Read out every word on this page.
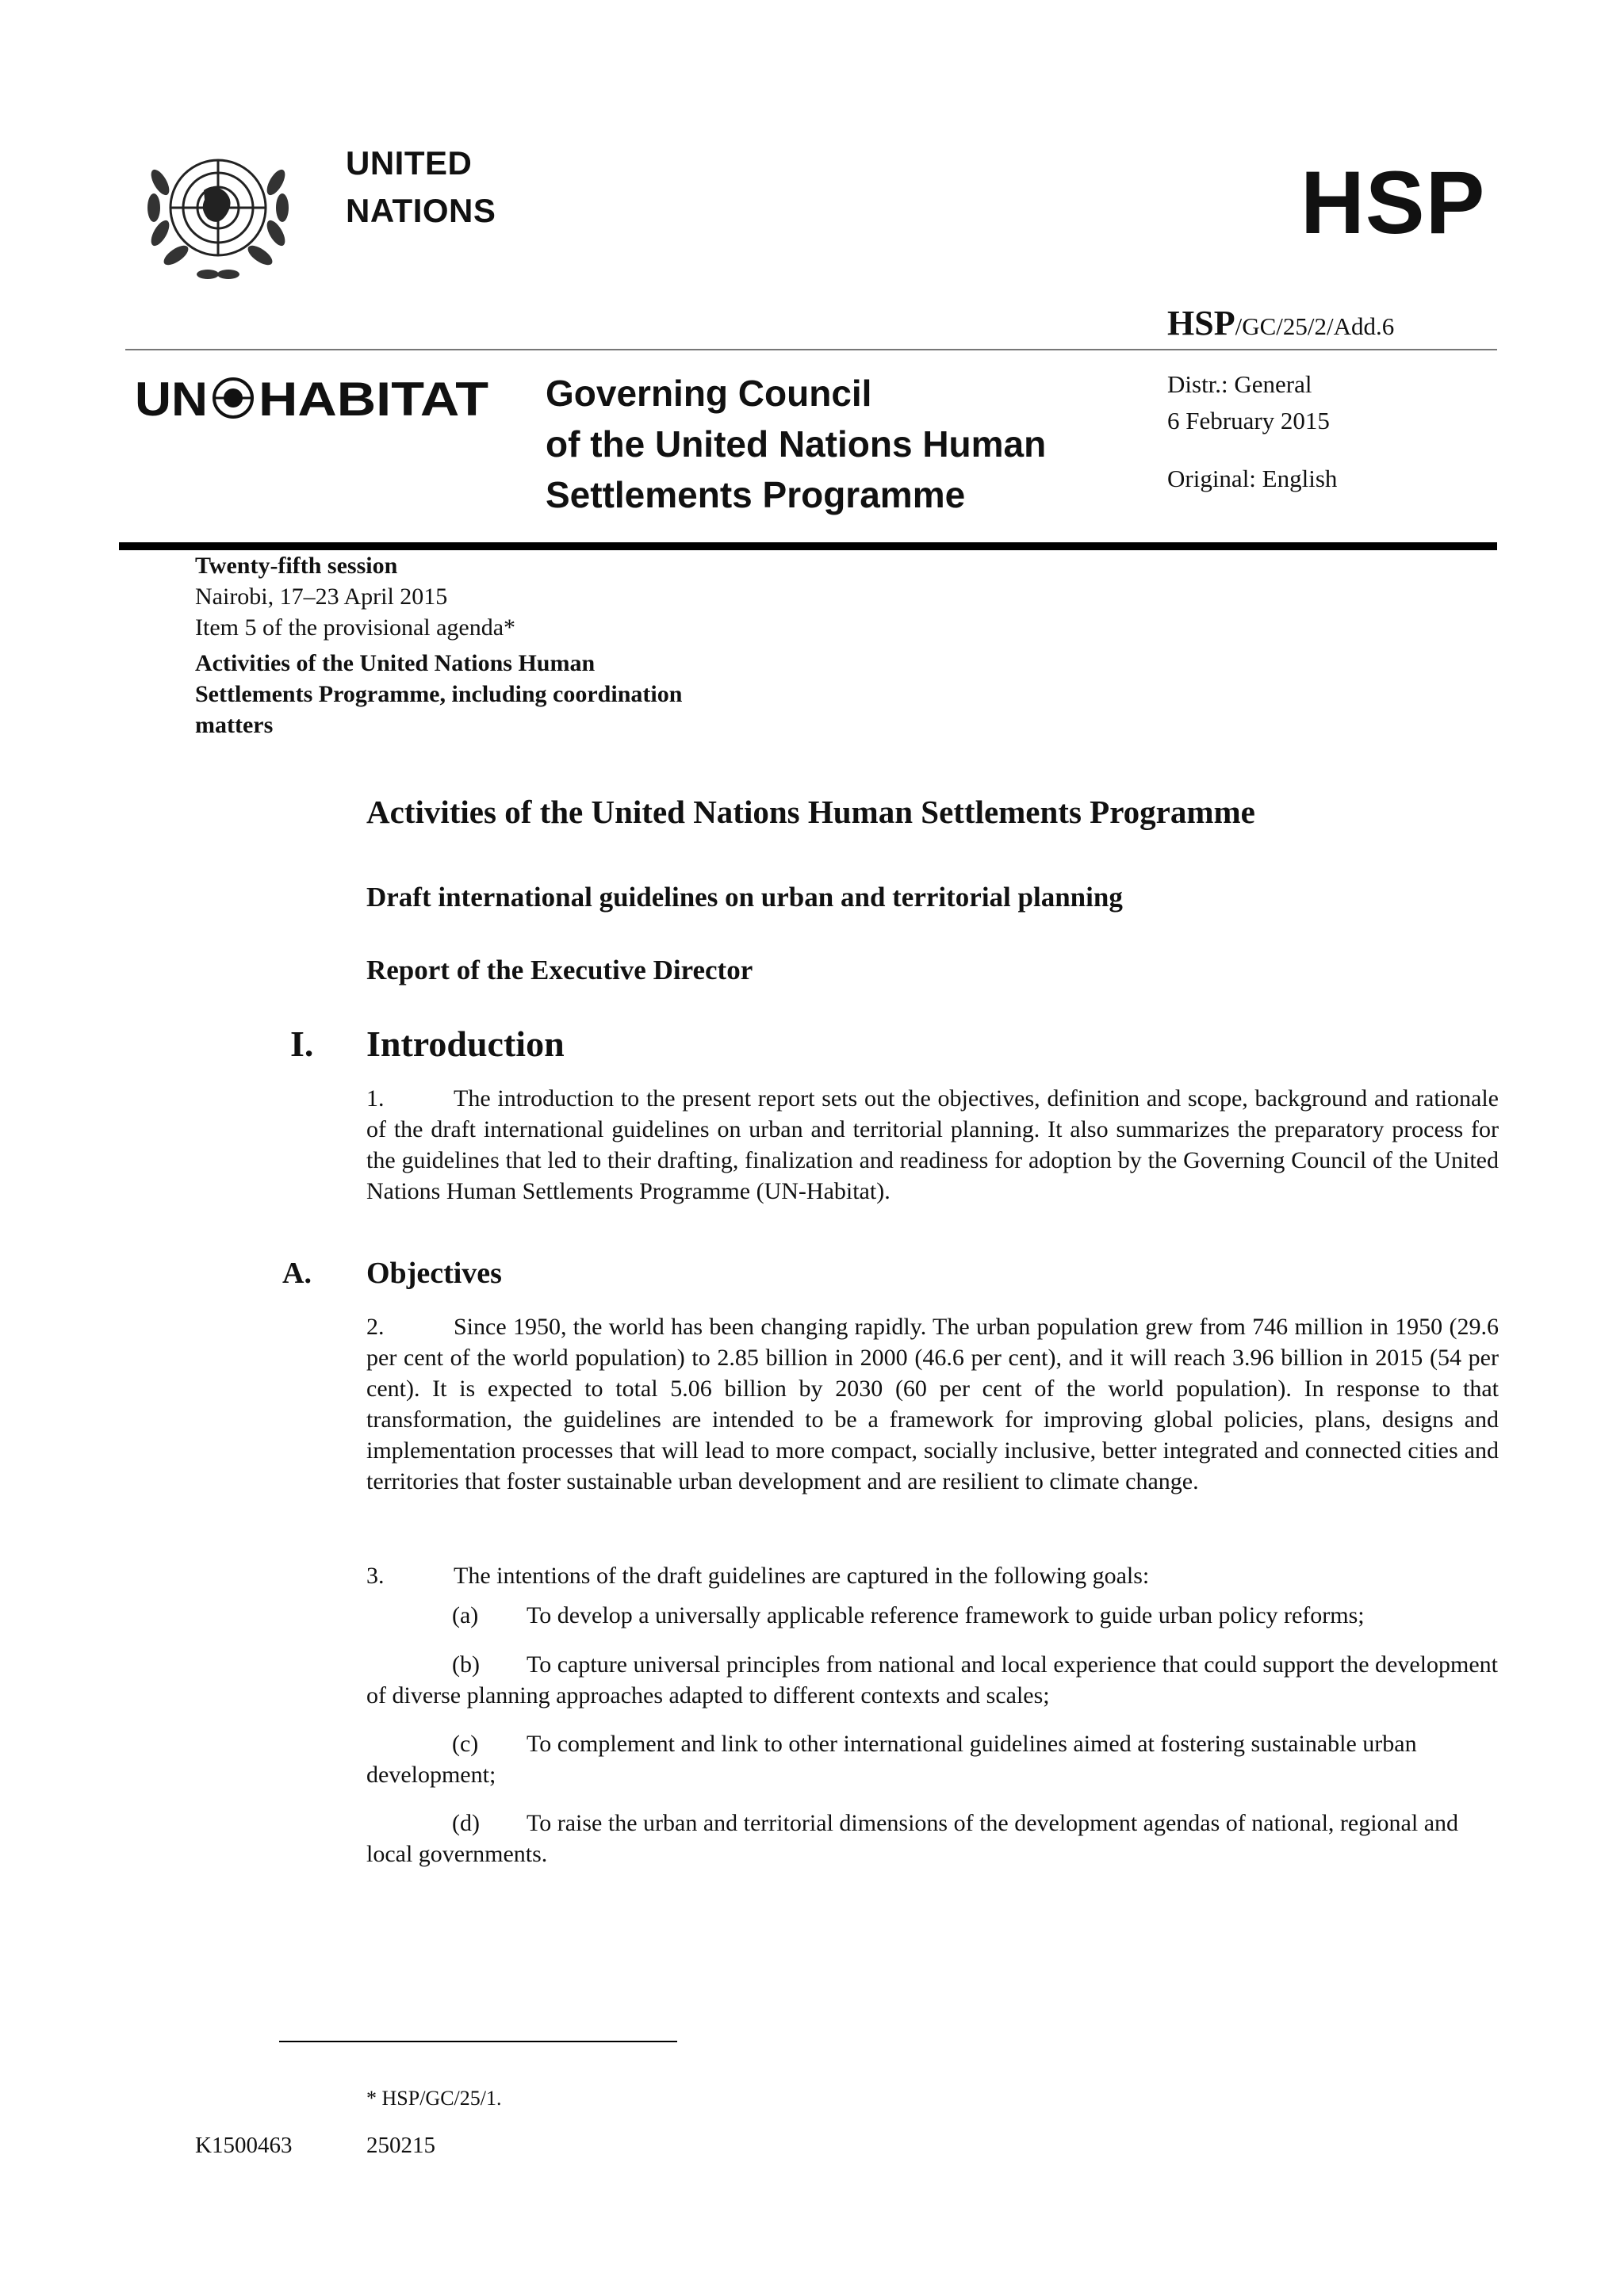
UNITED
NATIONS	HSP
HSP/GC/25/2/Add.6
UN HABITAT Governing Council
of the United Nations Human
Settlements Programme
Distr.: General
6 February 2015
Original: English
Twenty-fifth session
Nairobi, 17–23 April 2015
Item 5 of the provisional agenda*
Activities of the United Nations Human
Settlements Programme, including coordination
matters
Activities of the United Nations Human Settlements Programme
Draft international guidelines on urban and territorial planning
Report of the Executive Director
I. Introduction
1.	The introduction to the present report sets out the objectives, definition and scope, background and rationale of the draft international guidelines on urban and territorial planning. It also summarizes the preparatory process for the guidelines that led to their drafting, finalization and readiness for adoption by the Governing Council of the United Nations Human Settlements Programme (UN-Habitat).
A. Objectives
2.	Since 1950, the world has been changing rapidly. The urban population grew from 746 million in 1950 (29.6 per cent of the world population) to 2.85 billion in 2000 (46.6 per cent), and it will reach 3.96 billion in 2015 (54 per cent). It is expected to total 5.06 billion by 2030 (60 per cent of the world population). In response to that transformation, the guidelines are intended to be a framework for improving global policies, plans, designs and implementation processes that will lead to more compact, socially inclusive, better integrated and connected cities and territories that foster sustainable urban development and are resilient to climate change.
3.	The intentions of the draft guidelines are captured in the following goals:
(a) To develop a universally applicable reference framework to guide urban policy reforms;
(b) To capture universal principles from national and local experience that could support the development of diverse planning approaches adapted to different contexts and scales;
(c) To complement and link to other international guidelines aimed at fostering sustainable urban development;
(d) To raise the urban and territorial dimensions of the development agendas of national, regional and local governments.
* HSP/GC/25/1.
K1500463	250215
